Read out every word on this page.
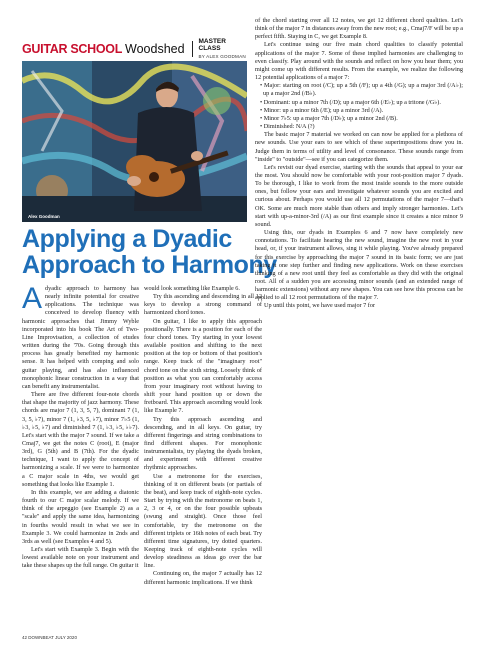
GUITAR SCHOOL Woodshed
MASTER CLASS
BY ALEX GOODMAN
Alex Goodman
Applying a Dyadic
Approach to Harmony

Adyadic approach to harmony has nearly infinite potential for creative applications. The technique was conceived to develop fluency with harmonic approaches that Jimmy Wyble incorporated into his book The Art of Two-Line Improvisation, a collection of etudes written during the '70s. Going through this process has greatly benefited my harmonic sense. It has helped with comping and solo guitar playing, and has also influenced monophonic linear construction in a way that can benefit any instrumentalist.

There are five different four-note chords that shape the majority of jazz harmony. These chords are major 7 (1, 3, 5, 7), dominant 7 (1, 3, 5, ♭7), minor 7 (1, ♭3, 5, ♭7), minor 7♭5 (1, ♭3, ♭5, ♭7) and diminished 7 (1, ♭3, ♭5, ♭♭7). Let's start with the major 7 sound. If we take a Cmaj7, we get the notes C (root), E (major 3rd), G (5th) and B (7th). For the dyadic technique, I want to apply the concept of harmonizing a scale. If we were to harmonize a C major scale in 4ths, we would get something that looks like Example 1.

In this example, we are adding a diatonic fourth to our C major scalar melody. If we think of the arpeggio (see Example 2) as a "scale" and apply the same idea, harmonizing in fourths would result in what we see in Example 3. We could harmonize in 2nds and 3rds as well (see Examples 4 and 5).

Let's start with Example 3. Begin with the lowest available note on your instrument and take these shapes up the full range. On guitar it

would look something like Example 6.

Try this ascending and descending in all 12 keys to develop a strong command of harmonized chord tones.

On guitar, I like to apply this approach positionally. There is a position for each of the four chord tones. Try starting in your lowest available position and shifting to the next position at the top or bottom of that position's range. Keep track of the "imaginary root" chord tone on the sixth string. Loosely think of position as what you can comfortably access from your imaginary root without having to shift your hand position up or down the fretboard. This approach ascending would look like Example 7.

Try this approach ascending and descending, and in all keys. On guitar, try different fingerings and string combinations to find different shapes. For monophonic instrumentalists, try playing the dyads broken, and experiment with different creative rhythmic approaches.

Use a metronome for the exercises, thinking of it on different beats (or partials of the beat), and keep track of eighth-note cycles. Start by trying with the metronome on beats 1, 2, 3 or 4, or on the four possible upbeats (swung and straight). Once those feel comfortable, try the metronome on the different triplets or 16th notes of each beat. Try different time signatures, try dotted quarters. Keeping track of eighth-note cycles will develop steadiness as ideas go over the bar line.

Continuing on, the major 7 actually has 12 different harmonic implications. If we think

of the chord starting over all 12 notes, we get 12 different chord qualities. Let's think of the major 7 in distances away from the new root; e.g., Cmaj7/F will be up a perfect fifth. Staying in C, we get Example 8.

Let's continue using our five main chord qualities to classify potential applications of the major 7. Some of these implied harmonies are challenging to even classify. Play around with the sounds and reflect on how you hear them; you might come up with different results. From the example, we realize the following 12 potential applications of a major 7:

• Major: starting on root (/C); up a 5th (/F); up a 4th (/G); up a major 3rd (/A♭); up a major 2nd (/B♭).

• Dominant: up a minor 7th (/D); up a major 6th (/E♭); up a tritone (/G♭).

• Minor: up a minor 6th (/E); up a minor 3rd (/A).

• Minor 7♭5: up a major 7th (/D♭); up a minor 2nd (/B).

• Diminished: N/A (?)

The basic major 7 material we worked on can now be applied for a plethora of new sounds. Use your ears to see which of these superimpositions draw you in. Judge them in terms of utility and level of consonance. These sounds range from "inside" to "outside"—see if you can categorize them.

Let's revisit our dyad exercise, starting with the sounds that appeal to your ear the most. You should now be comfortable with your root-position major 7 dyads. To be thorough, I like to work from the most inside sounds to the more outside ones, but follow your ears and investigate whatever sounds you are excited and curious about. Perhaps you would use all 12 permutations of the major 7—that's OK. Some are much more stable than others and imply stronger harmonies. Let's start with up-a-minor-3rd (/A) as our first example since it creates a nice minor 9 sound.

Using this, our dyads in Examples 6 and 7 now have completely new connotations. To facilitate hearing the new sound, imagine the new root in your head, or, if your instrument allows, sing it while playing. You've already prepared for this exercise by approaching the major 7 sound in its basic form; we are just taking it one step further and finding new applications. Work on these exercises thinking of a new root until they feel as comfortable as they did with the original root. All of a sudden you are accessing minor sounds (and an extended range of harmonic extensions) without any new shapes. You can see how this process can be applied to all 12 root permutations of the major 7.

Up until this point, we have used major 7 for

42 DOWNBEAT JULY 2020
